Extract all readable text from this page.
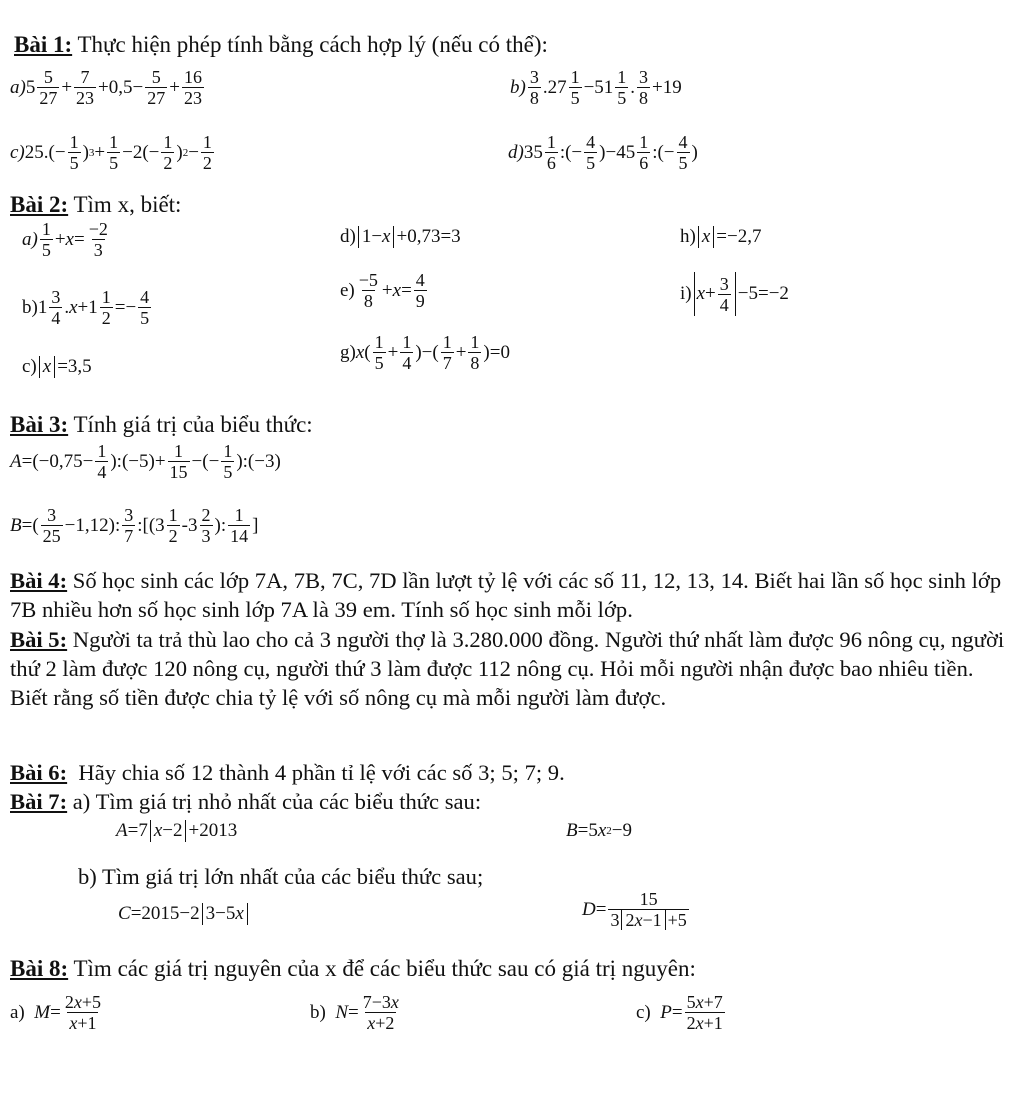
Bài 1: Thực hiện phép tính bằng cách hợp lý (nếu có thể):
a) 5 5
27
+ 7
23
+0,5− 5
27
+ 16
23
b) 3
8
.27 1
5
−51 1
5
. 3
8
+19
c) 25.(− 1
5
) 3 + 1
5
−2(− 1
2
) 2 − 1
2
d) 35 1
6
:(− 4
5
)−45 1
6
:(− 4
5
)
Bài 2: Tìm x, biết:
a) 1
5
+ x = −2
3
d) 1−x +0,73=3	h) x =−2,7
b)1 3
4
. x +1 1
2
=− 4
5
e) −5
8
+ x = 4
9	i) x + 3
4
−5=−2
c) x =3,5
g) x ( 1
5
+ 1
4
)−( 1
7
+ 1
8
)=0
Bài 3: Tính giá trị của biểu thức:
A =(−0,75− 1
4
):(−5)+ 1
15
−(− 1
5
):(−3)
B =( 3
25
−1,12): 3
7
:[(3 1
2
-3 2
3
): 1
14
]
Bài 4: Số học sinh các lớp 7A, 7B, 7C, 7D lần lượt tỷ lệ với các số 11, 12, 13, 14. Biết hai lần số học sinh lớp 7B nhiều hơn số học sinh lớp 7A là 39 em. Tính số học sinh mỗi lớp.
Bài 5: Người ta trả thù lao cho cả 3 người thợ là 3.280.000 đồng. Người thứ nhất làm được 96 nông cụ, người thứ 2 làm được 120 nông cụ, người thứ 3 làm được 112 nông cụ. Hỏi mỗi người nhận được bao nhiêu tiền. Biết rằng số tiền được chia tỷ lệ với số nông cụ mà mỗi người làm được.
Bài 6: Hãy chia số 12 thành 4 phần tỉ lệ với các số 3; 5; 7; 9.
Bài 7: a) Tìm giá trị nhỏ nhất của các biểu thức sau:
A =7 x−2 +2013	B =5 x 2 −9
b) Tìm giá trị lớn nhất của các biểu thức sau;
C =2015−2 3−5x	D = 15
3 2x−1 +5
Bài 8: Tìm các giá trị nguyên của x để các biểu thức sau có giá trị nguyên:
a) M = 2x+5
x+1
b) N = 7−3x
x+2
c) P = 5x+7
2x+1
